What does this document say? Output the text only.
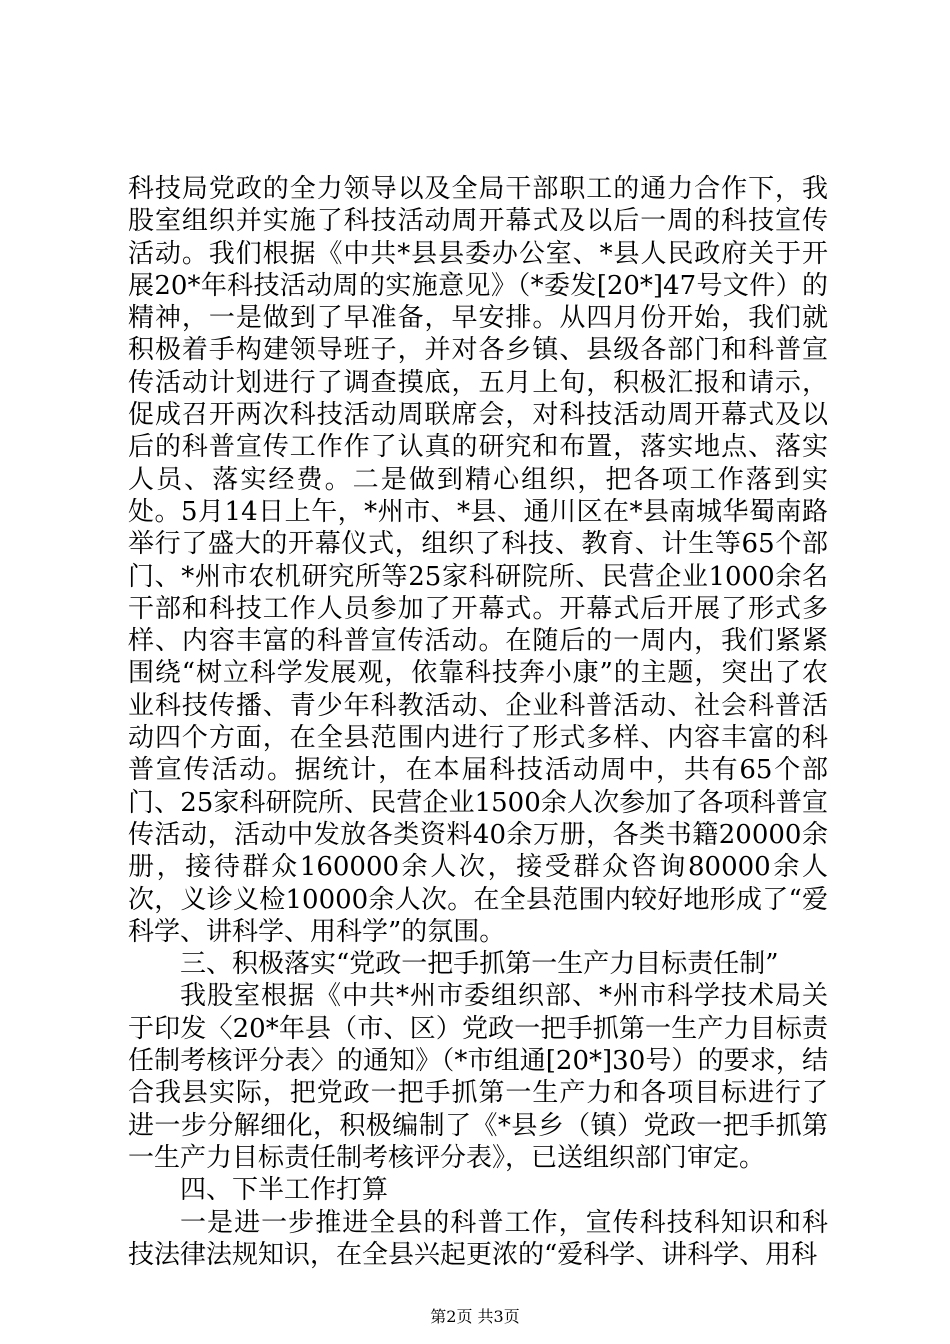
科技局党政的全力领导以及全局干部职工的通力合作下，我股室组织并实施了科技活动周开幕式及以后一周的科技宣传活动。我们根据《中共*县县委办公室、*县人民政府关于开展20*年科技活动周的实施意见》（*委发[20*]47号文件）的精神，一是做到了早准备，早安排。从四月份开始，我们就积极着手构建领导班子，并对各乡镇、县级各部门和科普宣传活动计划进行了调查摸底，五月上旬，积极汇报和请示，促成召开两次科技活动周联席会，对科技活动周开幕式及以后的科普宣传工作作了认真的研究和布置，落实地点、落实人员、落实经费。二是做到精心组织，把各项工作落到实处。5月14日上午，*州市、*县、通川区在*县南城华蜀南路举行了盛大的开幕仪式，组织了科技、教育、计生等65个部门、*州市农机研究所等25家科研院所、民营企业1000余名干部和科技工作人员参加了开幕式。开幕式后开展了形式多样、内容丰富的科普宣传活动。在随后的一周内，我们紧紧围绕“树立科学发展观，依靠科技奔小康”的主题，突出了农业科技传播、青少年科教活动、企业科普活动、社会科普活动四个方面，在全县范围内进行了形式多样、内容丰富的科普宣传活动。据统计，在本届科技活动周中，共有65个部门、25家科研院所、民营企业1500余人次参加了各项科普宣传活动，活动中发放各类资料40余万册，各类书籍20000余册，接待群众160000余人次，接受群众咨询80000余人次，义诊义检10000余人次。在全县范围内较好地形成了“爱科学、讲科学、用科学”的氛围。

三、积极落实“党政一把手抓第一生产力目标责任制”

我股室根据《中共*州市委组织部、*州市科学技术局关于印发〈20*年县（市、区）党政一把手抓第一生产力目标责任制考核评分表〉的通知》（*市组通[20*]30号）的要求，结合我县实际，把党政一把手抓第一生产力和各项目标进行了进一步分解细化，积极编制了《*县乡（镇）党政一把手抓第一生产力目标责任制考核评分表》，已送组织部门审定。

四、下半工作打算

一是进一步推进全县的科普工作，宣传科技科知识和科技法律法规知识，在全县兴起更浓的“爱科学、讲科学、用科

第2页 共3页
